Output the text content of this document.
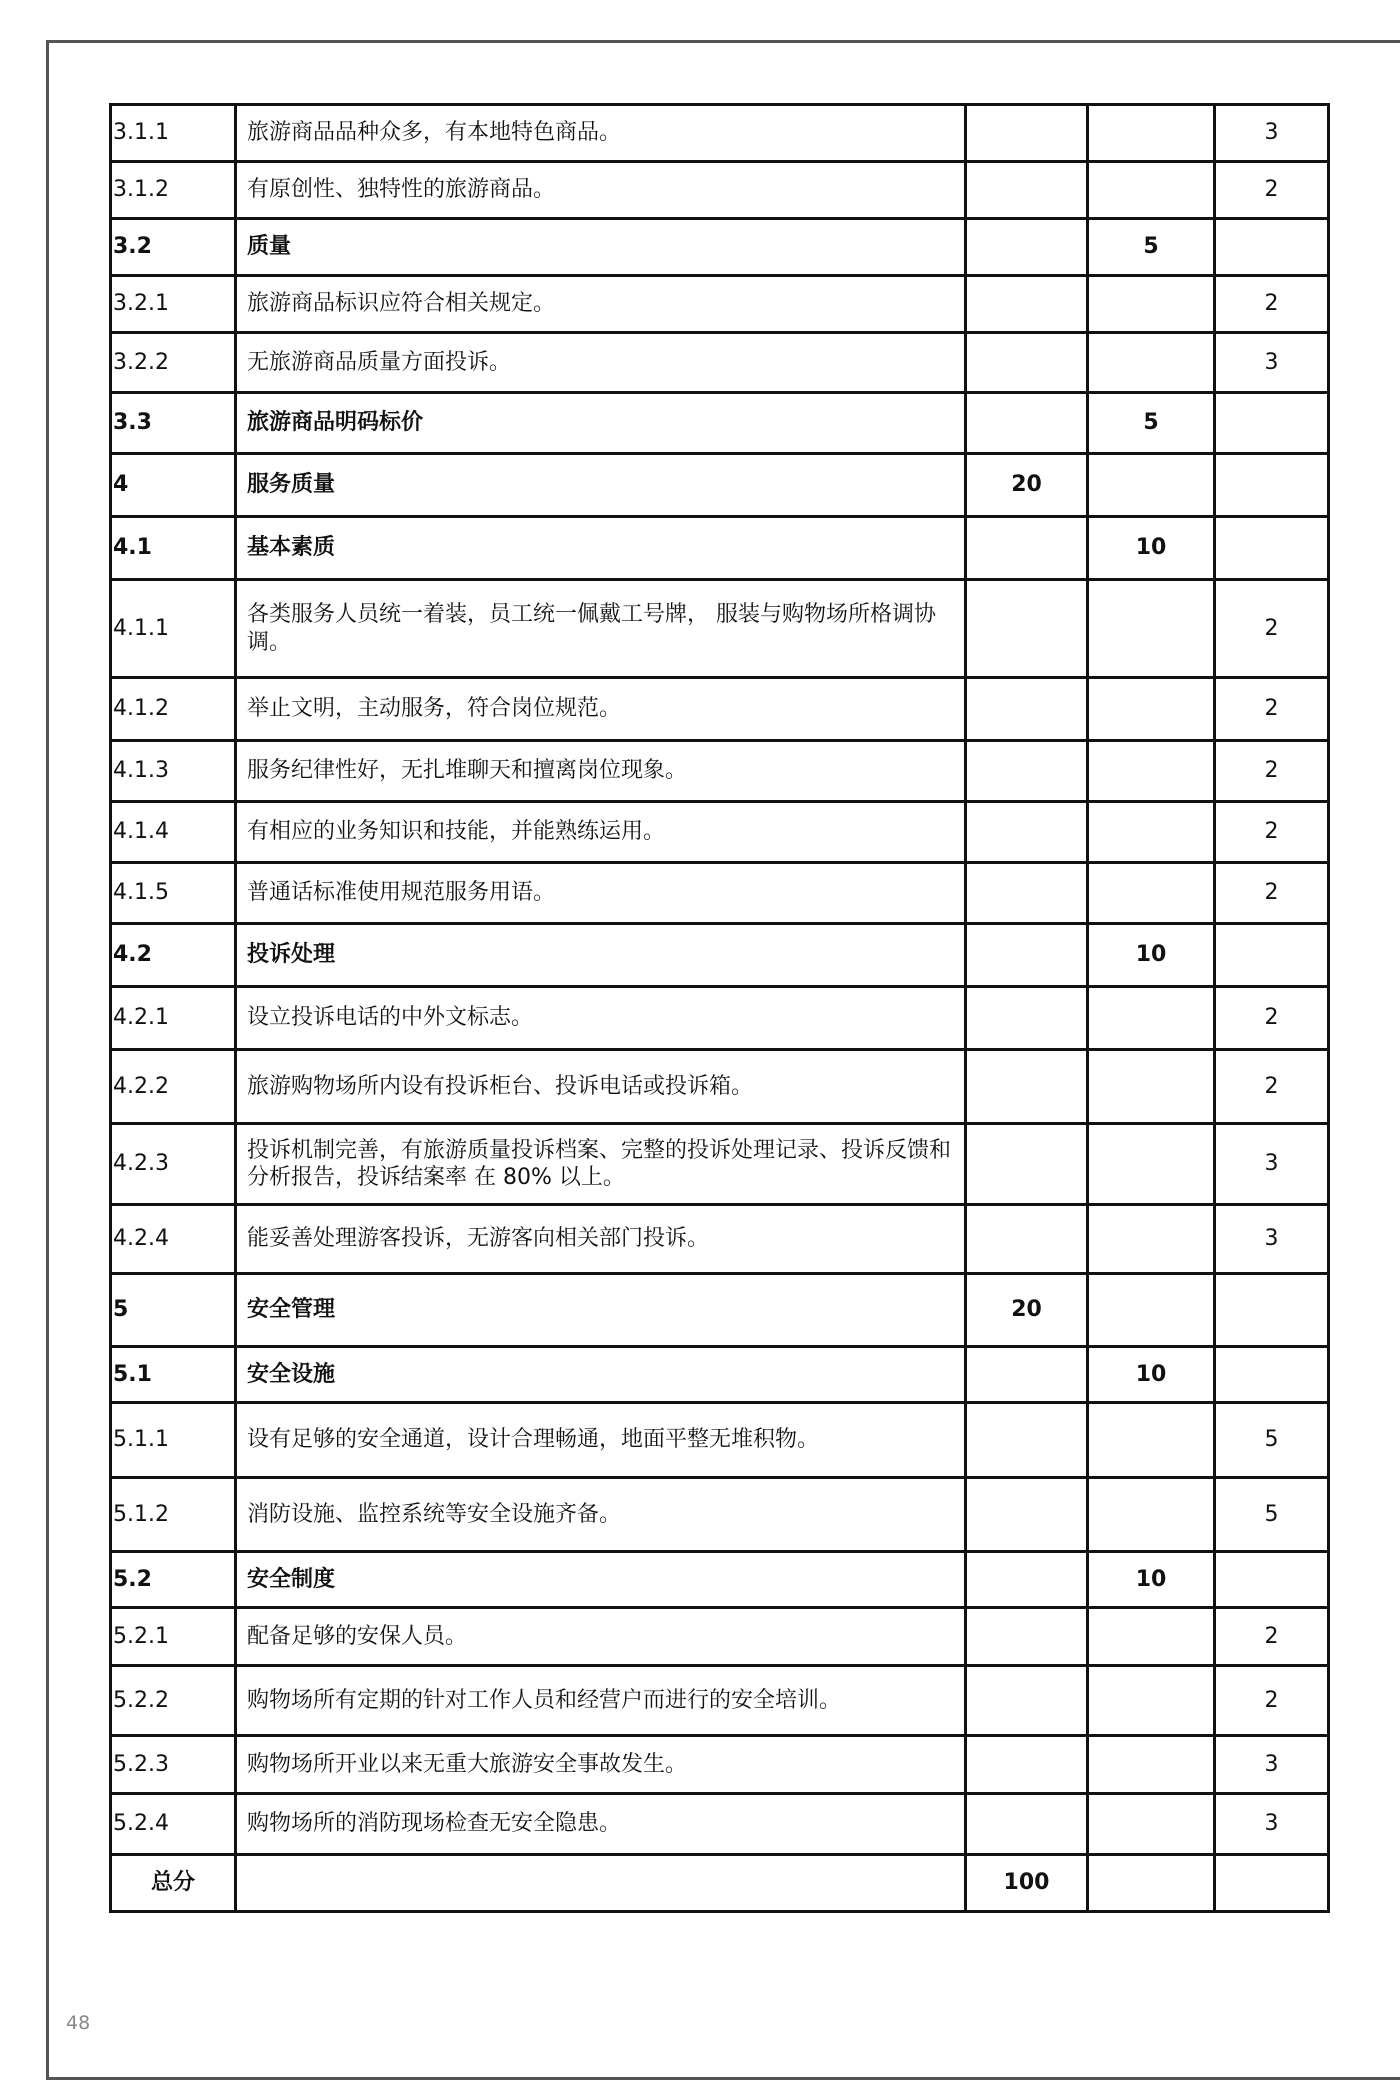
3.1.1	旅游商品品种众多，有本地特色商品。			3
3.1.2	有原创性、独特性的旅游商品。			2
3.2	质量		5	
3.2.1	旅游商品标识应符合相关规定。			2
3.2.2	无旅游商品质量方面投诉。			3
3.3	旅游商品明码标价		5	
4	服务质量	20		
4.1	基本素质		10	
4.1.1	各类服务人员统一着装，员工统一佩戴工号牌， 服装与购物场所格调协调。			2
4.1.2	举止文明，主动服务，符合岗位规范。			2
4.1.3	服务纪律性好，无扎堆聊天和擅离岗位现象。			2
4.1.4	有相应的业务知识和技能，并能熟练运用。			2
4.1.5	普通话标准使用规范服务用语。			2
4.2	投诉处理		10	
4.2.1	设立投诉电话的中外文标志。			2
4.2.2	旅游购物场所内设有投诉柜台、投诉电话或投诉箱。			2
4.2.3	投诉机制完善，有旅游质量投诉档案、完整的投诉处理记录、投诉反馈和分析报告，投诉结案率 在 80% 以上。			3
4.2.4	能妥善处理游客投诉，无游客向相关部门投诉。			3
5	安全管理	20		
5.1	安全设施		10	
5.1.1	设有足够的安全通道，设计合理畅通，地面平整无堆积物。			5
5.1.2	消防设施、监控系统等安全设施齐备。			5
5.2	安全制度		10	
5.2.1	配备足够的安保人员。			2
5.2.2	购物场所有定期的针对工作人员和经营户而进行的安全培训。			2
5.2.3	购物场所开业以来无重大旅游安全事故发生。			3
5.2.4	购物场所的消防现场检查无安全隐患。			3
总分		100		
48
